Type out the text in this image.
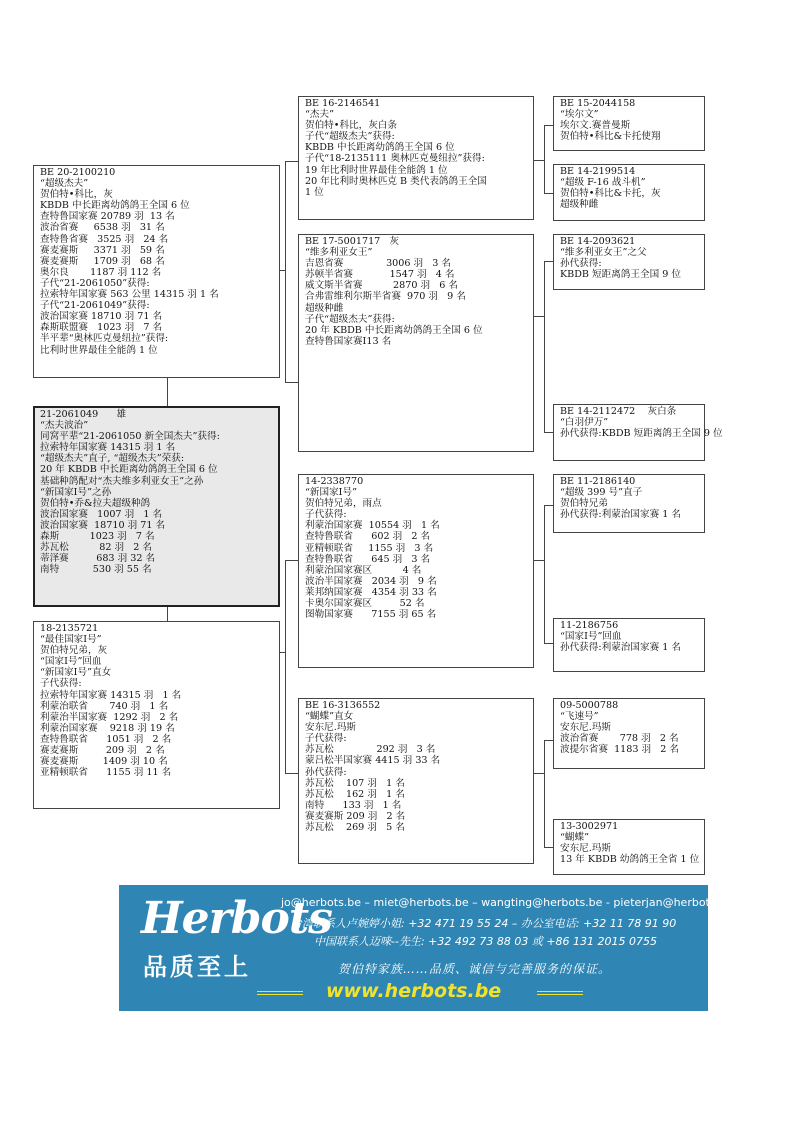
BE 20-2100210
“超级杰夫”
贺伯特•科比，灰
KBDB 中长距离幼鸽鸽王全国 6 位
查特鲁国家赛 20789 羽  13 名
波治省赛     6538 羽   31 名
查特鲁省赛   3525 羽   24 名
赛麦赛斯     3371 羽   59 名
赛麦赛斯     1709 羽   68 名
奥尔良       1187 羽 112 名
子代“21-2061050”获得:
拉索特年国家赛 563 公里 14315 羽 1 名
子代“21-2061049”获得:
波治国家赛 18710 羽 71 名
森斯联盟赛   1023 羽   7 名
半平辈“奥林匹克曼纽拉”获得:
比利时世界最佳全能鸽 1 位
21-2061049      雄
“杰夫波治”
同窝平辈“21-2061050 新全国杰夫”获得:
拉索特年国家赛 14315 羽 1 名
“超级杰夫”直子, “超级杰夫”荣获:
20 年 KBDB 中长距离幼鸽鸽王全国 6 位
基础种鸽配对“杰夫维多利亚女王”之孙
“新国家Ⅰ号”之孙
贺伯特•乔&拉夫超级种鸽
波治国家赛   1007 羽   1 名
波治国家赛  18710 羽 71 名
森斯          1023 羽   7 名
苏瓦松          82 羽   2 名
蒂泽赛         683 羽 32 名
南特           530 羽 55 名
18-2135721
“最佳国家Ⅰ号”
贺伯特兄弟，灰
“国家Ⅰ号”回血
“新国家Ⅰ号”直女
子代获得:
拉索特年国家赛 14315 羽   1 名
利蒙治联省       740 羽   1 名
利蒙治半国家赛  1292 羽   2 名
利蒙治国家赛    9218 羽 19 名
查特鲁联省      1051 羽   2 名
赛麦赛斯         209 羽   2 名
赛麦赛斯        1409 羽 10 名
亚精顿联省      1155 羽 11 名
BE 16-2146541
“杰夫”
贺伯特•科比，灰白条
子代“超级杰夫”获得:
KBDB 中长距离幼鸽鸽王全国 6 位
子代“18-2135111 奥林匹克曼纽拉”获得:
19 年比利时世界最佳全能鸽 1 位
20 年比利时奥林匹克 B 类代表鸽鸽王全国
1 位
BE 17-5001717   灰
“维多利亚女王”
吉恩省赛              3006 羽   3 名
苏顿半省赛            1547 羽   4 名
威文斯半省赛          2870 羽   6 名
合弗雷维利尔斯半省赛  970 羽   9 名
超级种雌
子代“超级杰夫”获得:
20 年 KBDB 中长距离幼鸽鸽王全国 6 位
查特鲁国家赛Ⅰ13 名
14-2338770
“新国家Ⅰ号”
贺伯特兄弟，雨点
子代获得:
利蒙治国家赛  10554 羽   1 名
查特鲁联省      602 羽   2 名
亚精顿联省     1155 羽   3 名
查特鲁联省      645 羽   3 名
利蒙治国家赛区          4 名
波治半国家赛   2034 羽   9 名
莱邦纳国家赛   4354 羽 33 名
卡奥尔国家赛区         52 名
图勒国家赛      7155 羽 65 名
BE 16-3136552
“蝴蝶”直女
安东尼.玛斯
子代获得:
苏瓦松              292 羽   3 名
蒙吕松半国家赛 4415 羽 33 名
孙代获得:
苏瓦松    107 羽   1 名
苏瓦松    162 羽   1 名
南特      133 羽   1 名
赛麦赛斯 209 羽   2 名
苏瓦松    269 羽   5 名
BE 15-2044158
“埃尔文”
埃尔文.赛普曼斯
贺伯特•科比&卡托使翔
BE 14-2199514
“超级 F-16 战斗机”
贺伯特•科比&卡托，灰
超级种雌
BE 14-2093621
“维多利亚女王”之父
孙代获得:
KBDB 短距离鸽王全国 9 位
BE 14-2112472    灰白条
“白羽伊万”
孙代获得:KBDB 短距离鸽王全国 9 位
BE 11-2186140
“超级 399 号”直子
贺伯特兄弟
孙代获得:利蒙治国家赛 1 名
11-2186756
“国家Ⅰ号”回血
孙代获得:利蒙治国家赛 1 名
09-5000788
“飞速号”
安东尼.玛斯
波治省赛       778 羽   2 名
波提尔省赛  1183 羽   2 名
13-3002971
“蝴蝶”
安东尼.玛斯
13 年 KBDB 幼鸽鸽王全省 1 位
Herbots
品质至上
jo@herbots.be – miet@herbots.be – wangting@herbots.be - pieterjan@herbots.be
台湾联系人卢婉婷小姐: +32 471 19 55 24 – 办公室电话: +32 11 78 91 90
中国联系人迈唻--先生: +32 492 73 88 03 或 +86 131 2015 0755
贺伯特家族……品质、诚信与完善服务的保证。
www.herbots.be
